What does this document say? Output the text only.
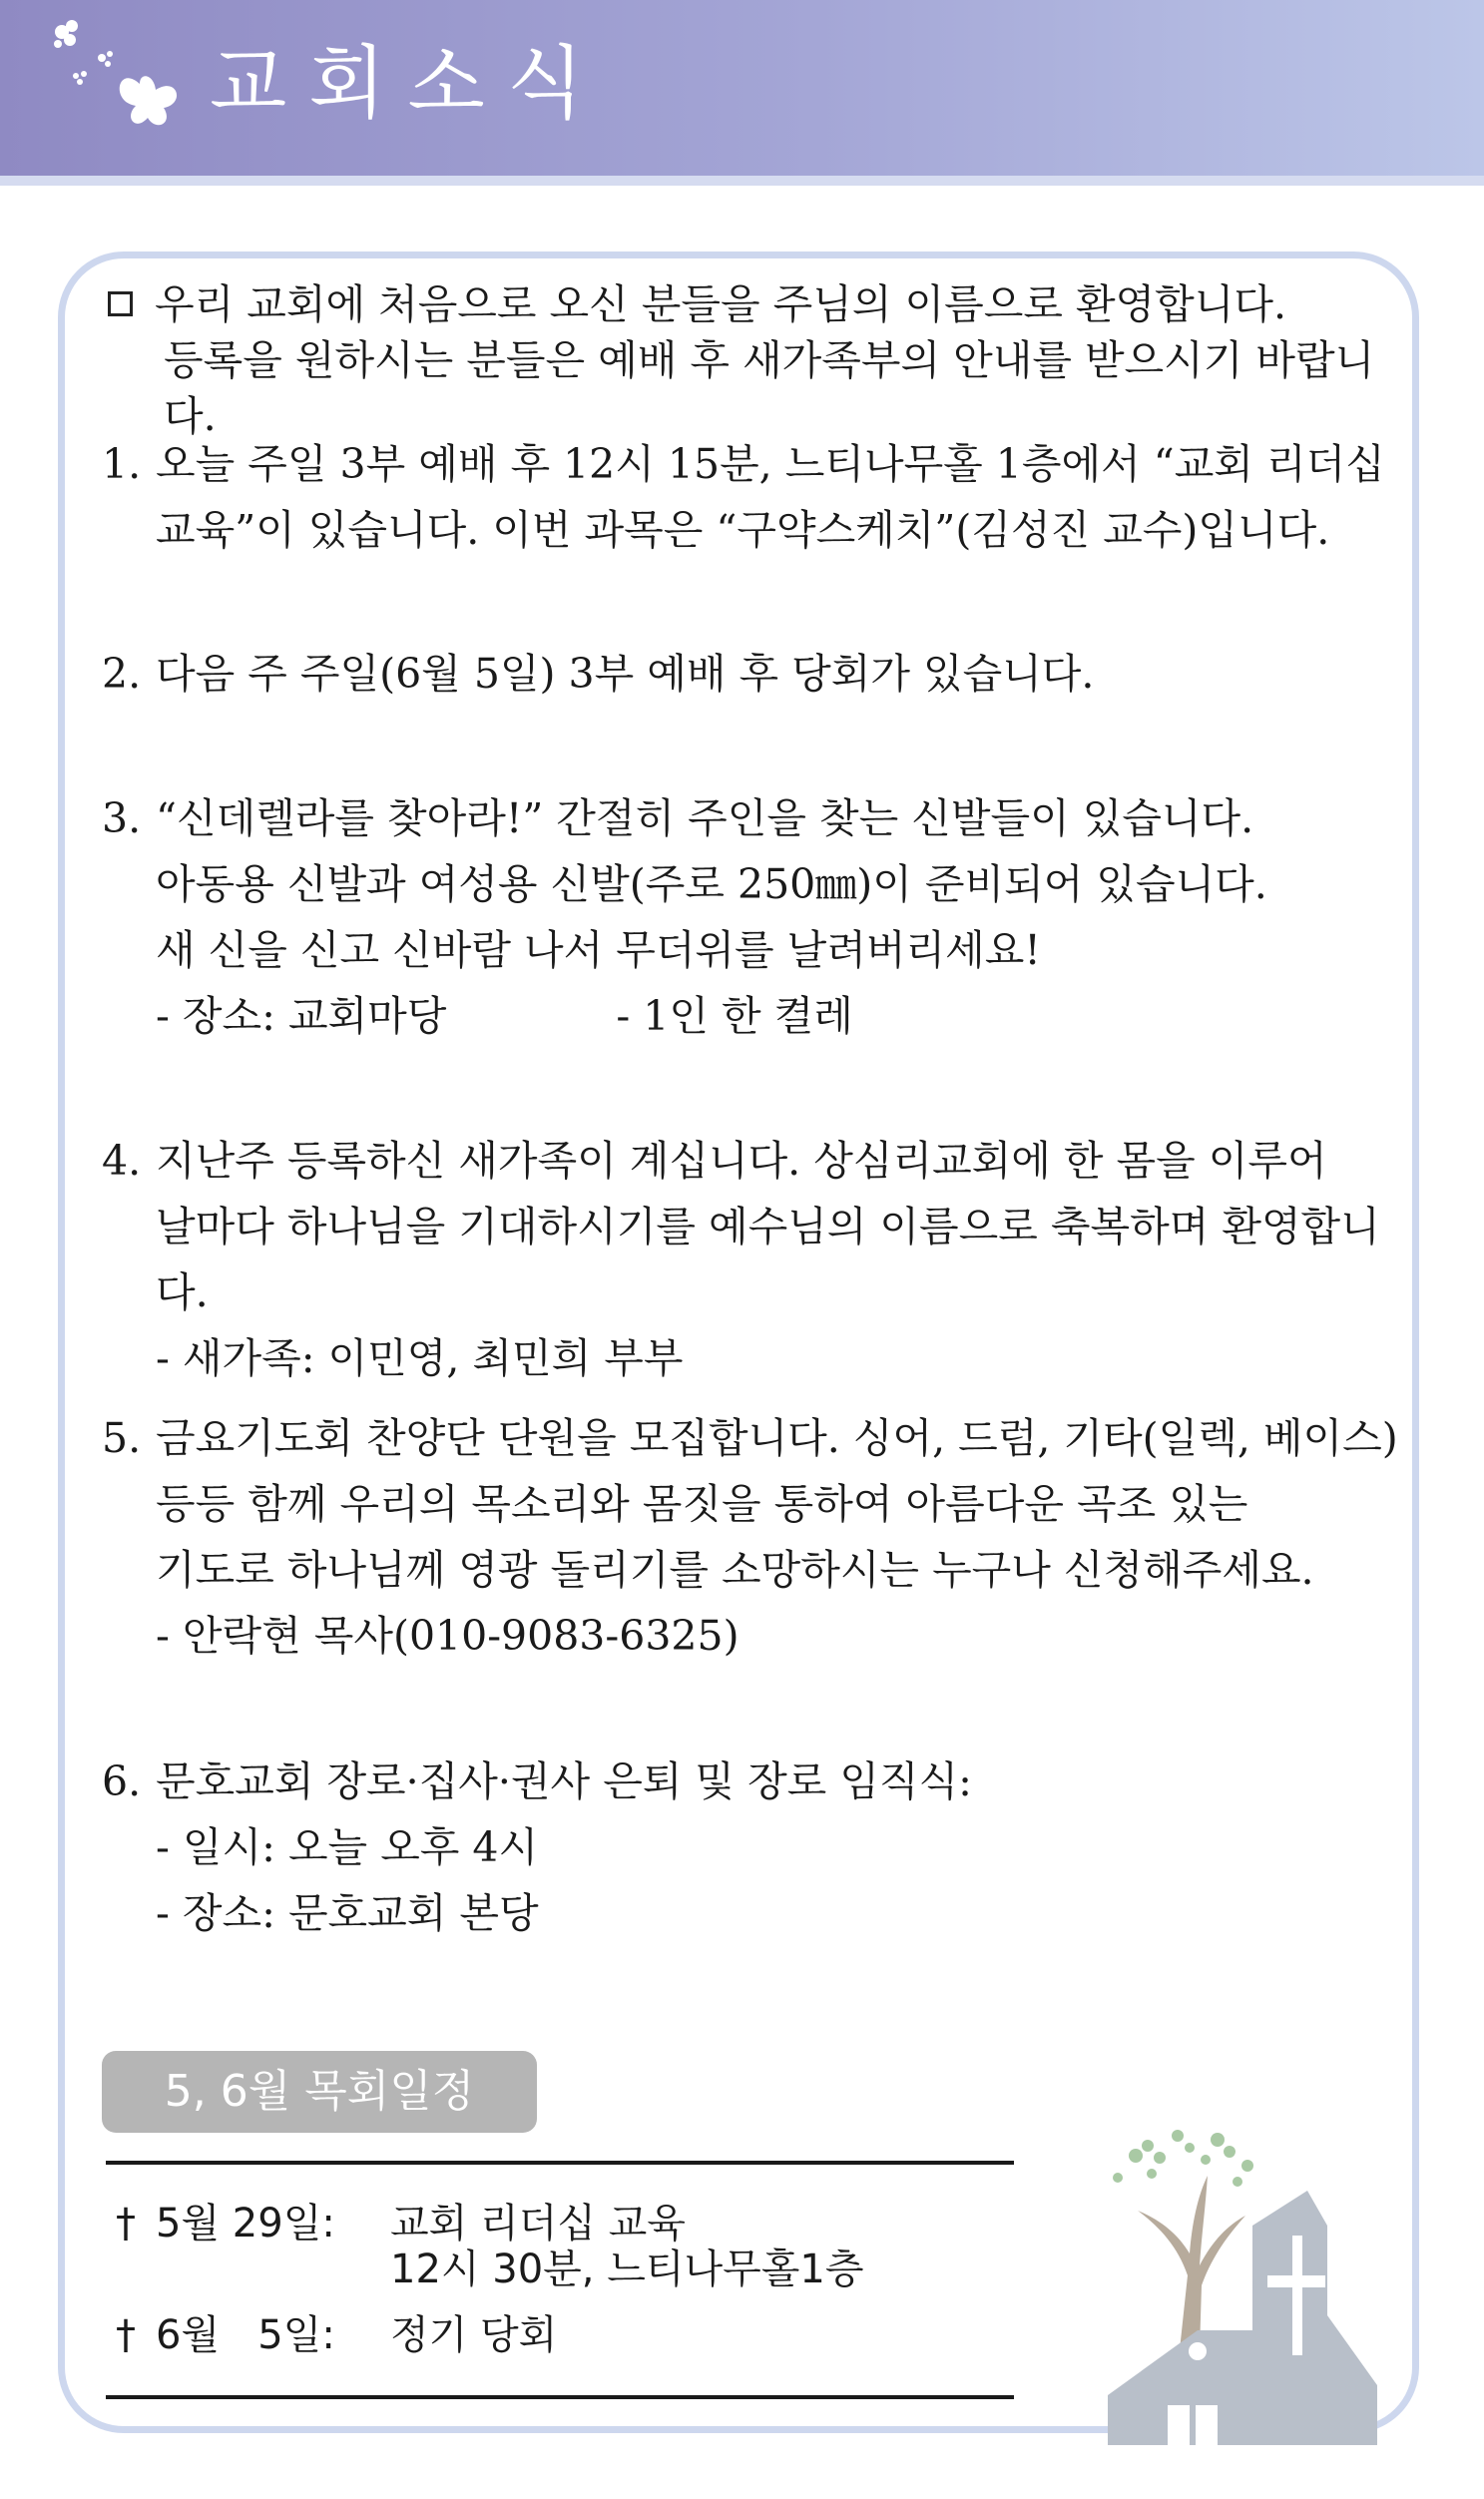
교회소식
우리 교회에 처음으로 오신 분들을 주님의 이름으로 환영합니다.
등록을 원하시는 분들은 예배 후 새가족부의 안내를 받으시기 바랍니다.
1. 오늘 주일 3부 예배 후 12시 15분, 느티나무홀 1층에서 “교회 리더십
교육”이 있습니다. 이번 과목은 “구약스케치”(김성진 교수)입니다.
2. 다음 주 주일(6월 5일) 3부 예배 후 당회가 있습니다.
3. “신데렐라를 찾아라!” 간절히 주인을 찾는 신발들이 있습니다.
아동용 신발과 여성용 신발(주로 250㎜)이 준비되어 있습니다.
새 신을 신고 신바람 나서 무더위를 날려버리세요!
- 장소: 교회마당	- 1인 한 켤레
4. 지난주 등록하신 새가족이 계십니다. 상심리교회에 한 몸을 이루어
날마다 하나님을 기대하시기를 예수님의 이름으로 축복하며 환영합니다.
- 새가족: 이민영, 최민희 부부
5. 금요기도회 찬양단 단원을 모집합니다. 싱어, 드럼, 기타(일렉, 베이스)
등등 함께 우리의 목소리와 몸짓을 통하여 아름다운 곡조 있는
기도로 하나님께 영광 돌리기를 소망하시는 누구나 신청해주세요.
- 안락현 목사(010-9083-6325)
6. 문호교회 장로·집사·권사 은퇴 및 장로 임직식:
- 일시: 오늘 오후 4시
- 장소: 문호교회 본당
5, 6월 목회일정
† 5월 29일:	교회 리더십 교육
12시 30분, 느티나무홀1층
† 6월   5일:	정기 당회
